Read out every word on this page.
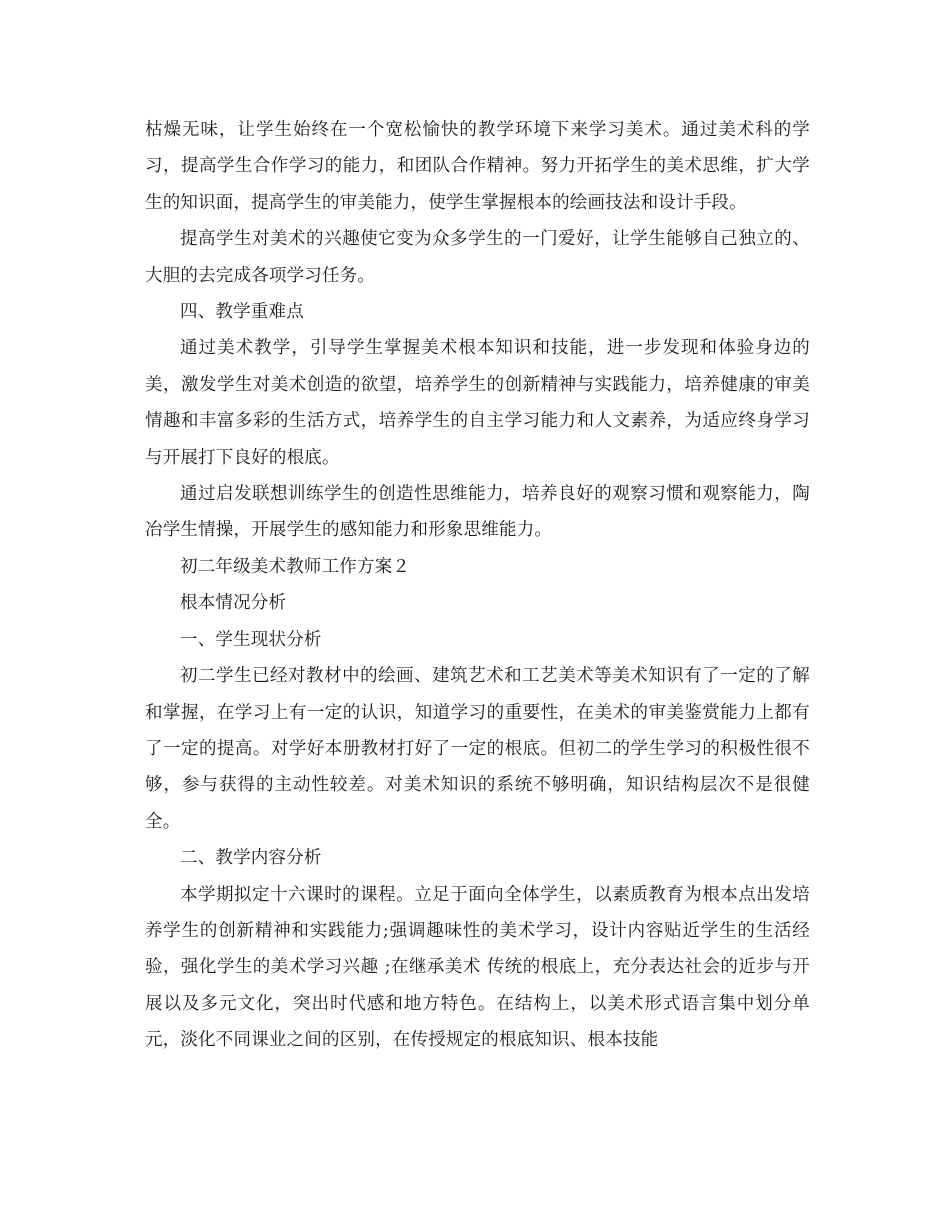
枯燥无味，让学生始终在一个宽松愉快的教学环境下来学习美术。通过美术科的学习，提高学生合作学习的能力，和团队合作精神。努力开拓学生的美术思维，扩大学生的知识面，提高学生的审美能力，使学生掌握根本的绘画技法和设计手段。

提高学生对美术的兴趣使它变为众多学生的一门爱好，让学生能够自己独立的、大胆的去完成各项学习任务。

四、教学重难点

通过美术教学，引导学生掌握美术根本知识和技能，进一步发现和体验身边的美，激发学生对美术创造的欲望，培养学生的创新精神与实践能力，培养健康的审美情趣和丰富多彩的生活方式，培养学生的自主学习能力和人文素养，为适应终身学习与开展打下良好的根底。

通过启发联想训练学生的创造性思维能力，培养良好的观察习惯和观察能力，陶冶学生情操，开展学生的感知能力和形象思维能力。

初二年级美术教师工作方案２

根本情况分析

一、学生现状分析

初二学生已经对教材中的绘画、建筑艺术和工艺美术等美术知识有了一定的了解和掌握，在学习上有一定的认识，知道学习的重要性，在美术的审美鉴赏能力上都有了一定的提高。对学好本册教材打好了一定的根底。但初二的学生学习的积极性很不够，参与获得的主动性较差。对美术知识的系统不够明确，知识结构层次不是很健全。

二、教学内容分析

本学期拟定十六课时的课程。立足于面向全体学生，以素质教育为根本点出发培养学生的创新精神和实践能力;强调趣味性的美术学习，设计内容贴近学生的生活经验，强化学生的美术学习兴趣 ;在继承美术 传统的根底上，充分表达社会的近步与开展以及多元文化，突出时代感和地方特色。在结构上，以美术形式语言集中划分单元，淡化不同课业之间的区别，在传授规定的根底知识、根本技能
